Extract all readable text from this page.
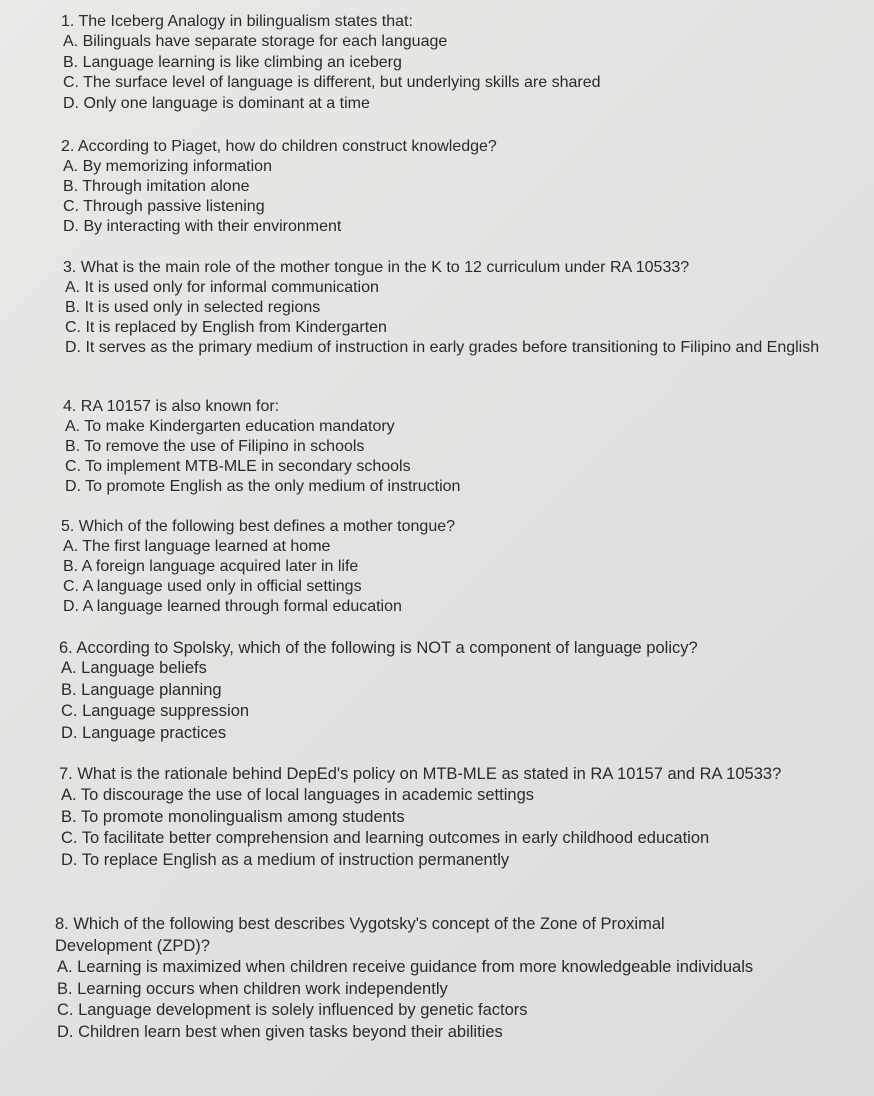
1. The Iceberg Analogy in bilingualism states that:
A. Bilinguals have separate storage for each language
B. Language learning is like climbing an iceberg
C. The surface level of language is different, but underlying skills are shared
D. Only one language is dominant at a time
2. According to Piaget, how do children construct knowledge?
A. By memorizing information
B. Through imitation alone
C. Through passive listening
D. By interacting with their environment
3. What is the main role of the mother tongue in the K to 12 curriculum under RA 10533?
A. It is used only for informal communication
B. It is used only in selected regions
C. It is replaced by English from Kindergarten
D. It serves as the primary medium of instruction in early grades before transitioning to Filipino and English
4. RA 10157 is also known for:
A. To make Kindergarten education mandatory
B. To remove the use of Filipino in schools
C. To implement MTB-MLE in secondary schools
D. To promote English as the only medium of instruction
5. Which of the following best defines a mother tongue?
A. The first language learned at home
B. A foreign language acquired later in life
C. A language used only in official settings
D. A language learned through formal education
6. According to Spolsky, which of the following is NOT a component of language policy?
A. Language beliefs
B. Language planning
C. Language suppression
D. Language practices
7. What is the rationale behind DepEd's policy on MTB-MLE as stated in RA 10157 and RA 10533?
A. To discourage the use of local languages in academic settings
B. To promote monolingualism among students
C. To facilitate better comprehension and learning outcomes in early childhood education
D. To replace English as a medium of instruction permanently
8. Which of the following best describes Vygotsky's concept of the Zone of Proximal Development (ZPD)?
A. Learning is maximized when children receive guidance from more knowledgeable individuals
B. Learning occurs when children work independently
C. Language development is solely influenced by genetic factors
D. Children learn best when given tasks beyond their abilities
